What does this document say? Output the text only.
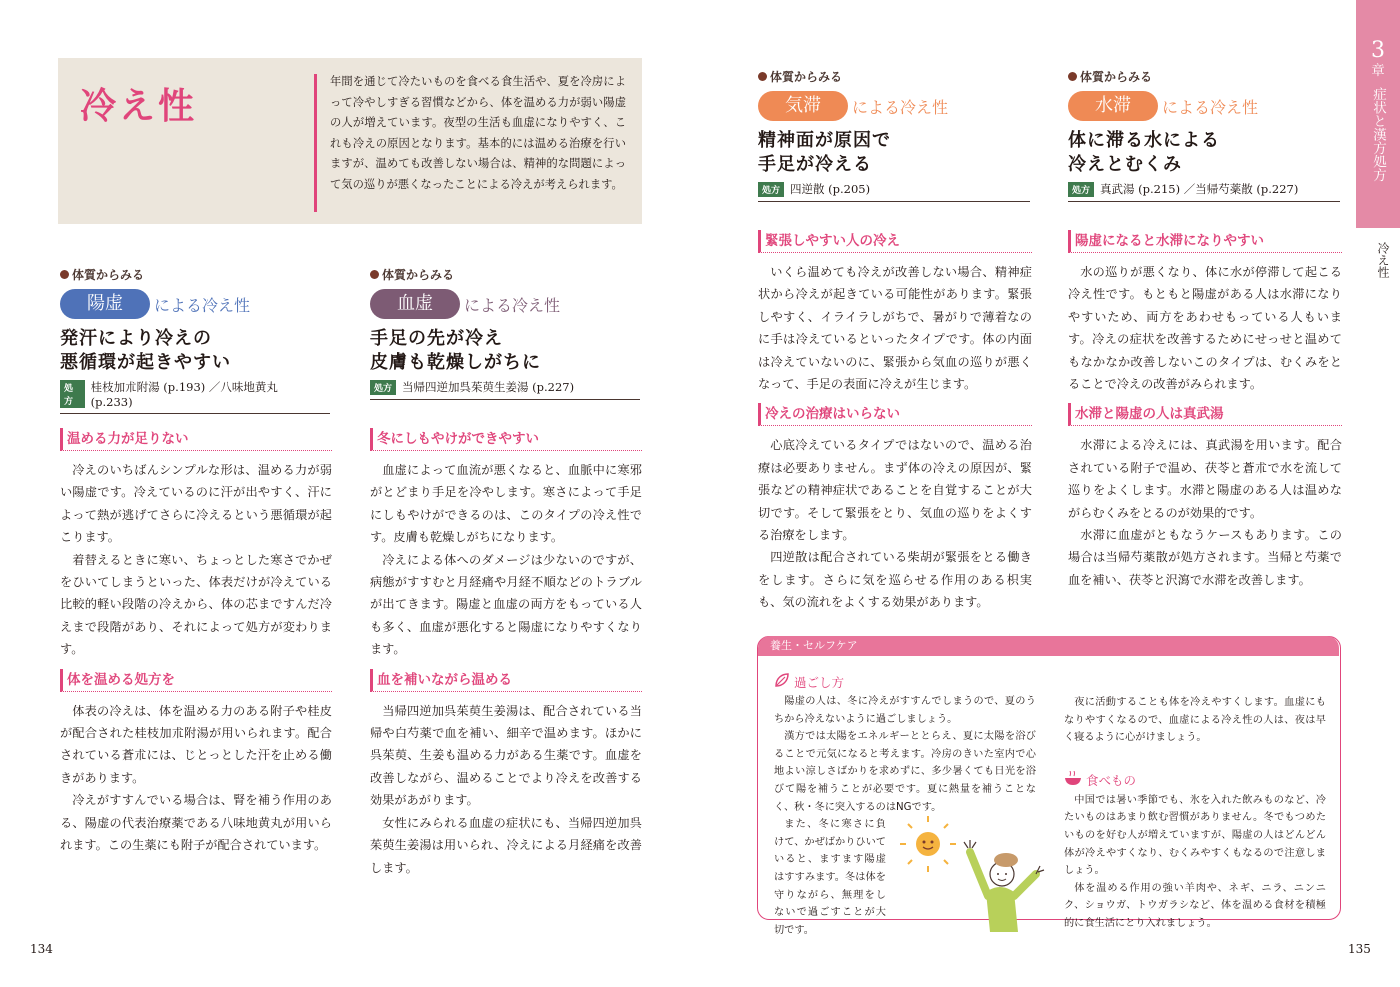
冷え性
年間を通じて冷たいものを食べる食生活や、夏を冷房によって冷やしすぎる習慣などから、体を温める力が弱い陽虚の人が増えています。夜型の生活も血虚になりやすく、これも冷えの原因となります。基本的には温める治療を行いますが、温めても改善しない場合は、精神的な問題によって気の巡りが悪くなったことによる冷えが考えられます。
体質からみる
陽虚	による冷え性
発汗により冷えの
悪循環が起きやすい
処方
桂枝加朮附湯 (p.193) ／八味地黄丸 (p.233)
温める力が足りない

冷えのいちばんシンプルな形は、温める力が弱い陽虚です。冷えているのに汗が出やすく、汗によって熱が逃げてさらに冷えるという悪循環が起こります。

着替えるときに寒い、ちょっとした寒さでかぜをひいてしまうといった、体表だけが冷えている比較的軽い段階の冷えから、体の芯まですんだ冷えまで段階があり、それによって処方が変わります。

体を温める処方を

体表の冷えは、体を温める力のある附子や桂皮が配合された桂枝加朮附湯が用いられます。配合されている蒼朮には、じとっとした汗を止める働きがあります。

冷えがすすんでいる場合は、腎を補う作用のある、陽虚の代表治療薬である八味地黄丸が用いられます。この生薬にも附子が配合されています。

体質からみる
血虚	による冷え性
手足の先が冷え
皮膚も乾燥しがちに
処方 当帰四逆加呉茱萸生姜湯 (p.227)
冬にしもやけができやすい

血虚によって血流が悪くなると、血脈中に寒邪がとどまり手足を冷やします。寒さによって手足にしもやけができるのは、このタイプの冷え性です。皮膚も乾燥しがちになります。

冷えによる体へのダメージは少ないのですが、病態がすすむと月経痛や月経不順などのトラブルが出てきます。陽虚と血虚の両方をもっている人も多く、血虚が悪化すると陽虚になりやすくなります。

血を補いながら温める

当帰四逆加呉茱萸生姜湯は、配合されている当帰や白芍薬で血を補い、細辛で温めます。ほかに呉茱萸、生姜も温める力がある生薬です。血虚を改善しながら、温めることでより冷えを改善する効果があがります。

女性にみられる血虚の症状にも、当帰四逆加呉茱萸生姜湯は用いられ、冷えによる月経痛を改善します。

134
体質からみる
気滞	による冷え性
精神面が原因で
手足が冷える
処方 四逆散 (p.205)
緊張しやすい人の冷え

いくら温めても冷えが改善しない場合、精神症状から冷えが起きている可能性があります。緊張しやすく、イライラしがちで、暑がりで薄着なのに手は冷えているといったタイプです。体の内面は冷えていないのに、緊張から気血の巡りが悪くなって、手足の表面に冷えが生じます。

冷えの治療はいらない

心底冷えているタイプではないので、温める治療は必要ありません。まず体の冷えの原因が、緊張などの精神症状であることを自覚することが大切です。そして緊張をとり、気血の巡りをよくする治療をします。

四逆散は配合されている柴胡が緊張をとる働きをします。さらに気を巡らせる作用のある枳実も、気の流れをよくする効果があります。

体質からみる
水滞	による冷え性
体に滞る水による
冷えとむくみ
処方 真武湯 (p.215) ／当帰芍薬散 (p.227)
陽虚になると水滞になりやすい

水の巡りが悪くなり、体に水が停滞して起こる冷え性です。もともと陽虚がある人は水滞になりやすいため、両方をあわせもっている人もいます。冷えの症状を改善するためにせっせと温めてもなかなか改善しないこのタイプは、むくみをとることで冷えの改善がみられます。

水滞と陽虚の人は真武湯

水滞による冷えには、真武湯を用います。配合されている附子で温め、茯苓と蒼朮で水を流して巡りをよくします。水滞と陽虚のある人は温めながらむくみをとるのが効果的です。

水滞に血虚がともなうケースもあります。この場合は当帰芍薬散が処方されます。当帰と芍薬で血を補い、茯苓と沢瀉で水滞を改善します。

3
章
症状と漢方処方
冷え性
養生・セルフケア
過ごし方

陽虚の人は、冬に冷えがすすんでしまうので、夏のうちから冷えないように過ごしましょう。

漢方では太陽をエネルギーととらえ、夏に太陽を浴びることで元気になると考えます。冷房のきいた室内で心地よい涼しさばかりを求めずに、多少暑くても日光を浴びて陽を補うことが必要です。夏に熱量を補うことなく、秋・冬に突入するのはNGです。

また、冬に寒さに負けて、かぜばかりひいていると、ますます陽虚はすすみます。冬は体を守りながら、無理をしないで過ごすことが大切です。

夜に活動することも体を冷えやすくします。血虚にもなりやすくなるので、血虚による冷え性の人は、夜は早く寝るように心がけましょう。

食べもの

中国では暑い季節でも、氷を入れた飲みものなど、冷たいものはあまり飲む習慣がありません。冬でもつめたいものを好む人が増えていますが、陽虚の人はどんどん体が冷えやすくなり、むくみやすくもなるので注意しましょう。

体を温める作用の強い羊肉や、ネギ、ニラ、ニンニク、ショウガ、トウガラシなど、体を温める食材を積極的に食生活にとり入れましょう。

135
